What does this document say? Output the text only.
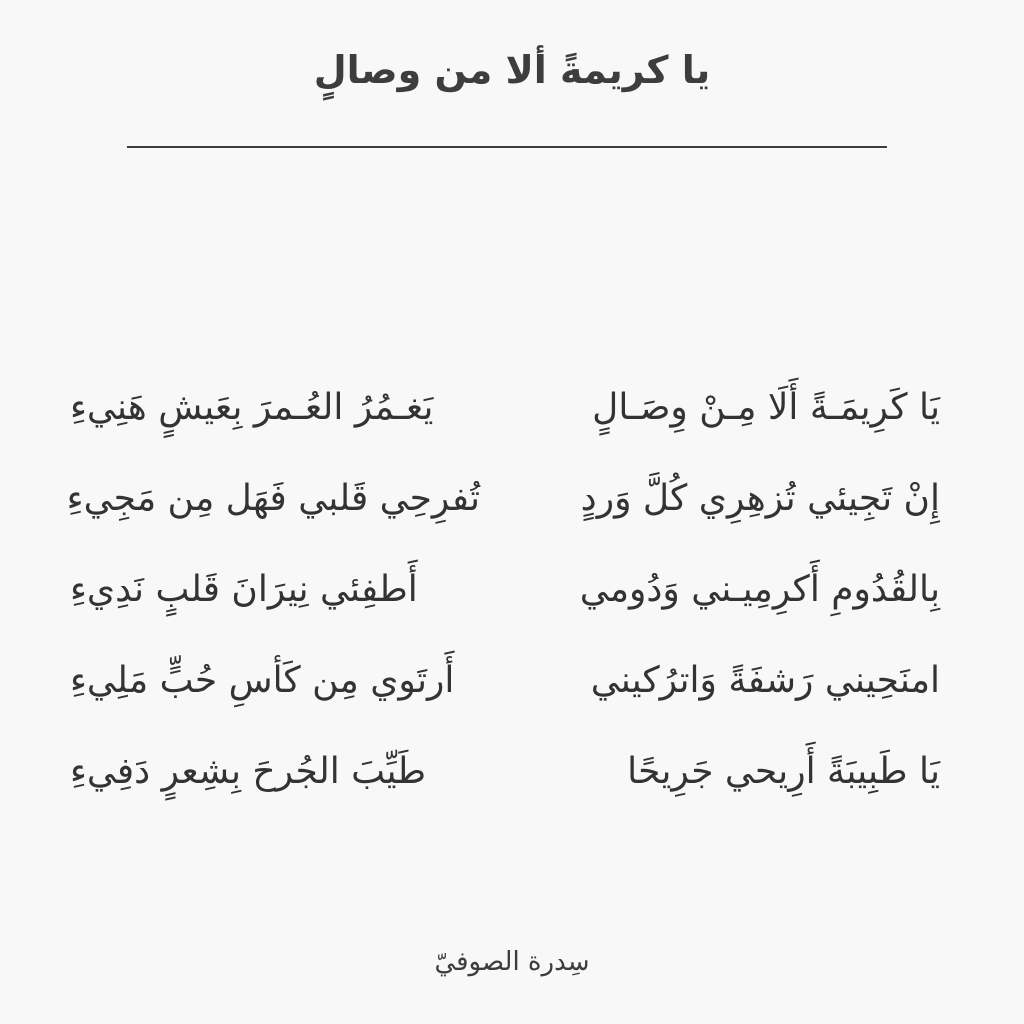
يا كريمةً ألا من وصالٍ
يَا كَرِيمَـةً أَلَا مِـنْ وِصَـالٍ
يَغـمُرُ العُـمرَ بِعَيشٍ هَنِيءِ
إِنْ تَجِيئي تُزهِرِي كُلَّ وَردٍ
تُفرِحِي قَلبي فَهَل مِن مَجِيءِ
بِالقُدُومِ أَكرِمِيـني وَدُومي
أَطفِئي نِيرَانَ قَلبٍ نَدِيءِ
امنَحِيني رَشفَةً وَاترُكيني
أَرتَوي مِن كَأسِ حُبٍّ مَلِيءِ
يَا طَبِيبَةً أَرِيحي جَرِيحًا
طَيِّبَ الجُرحَ بِشِعرٍ دَفِيءِ
سِدرة الصوفيّ
